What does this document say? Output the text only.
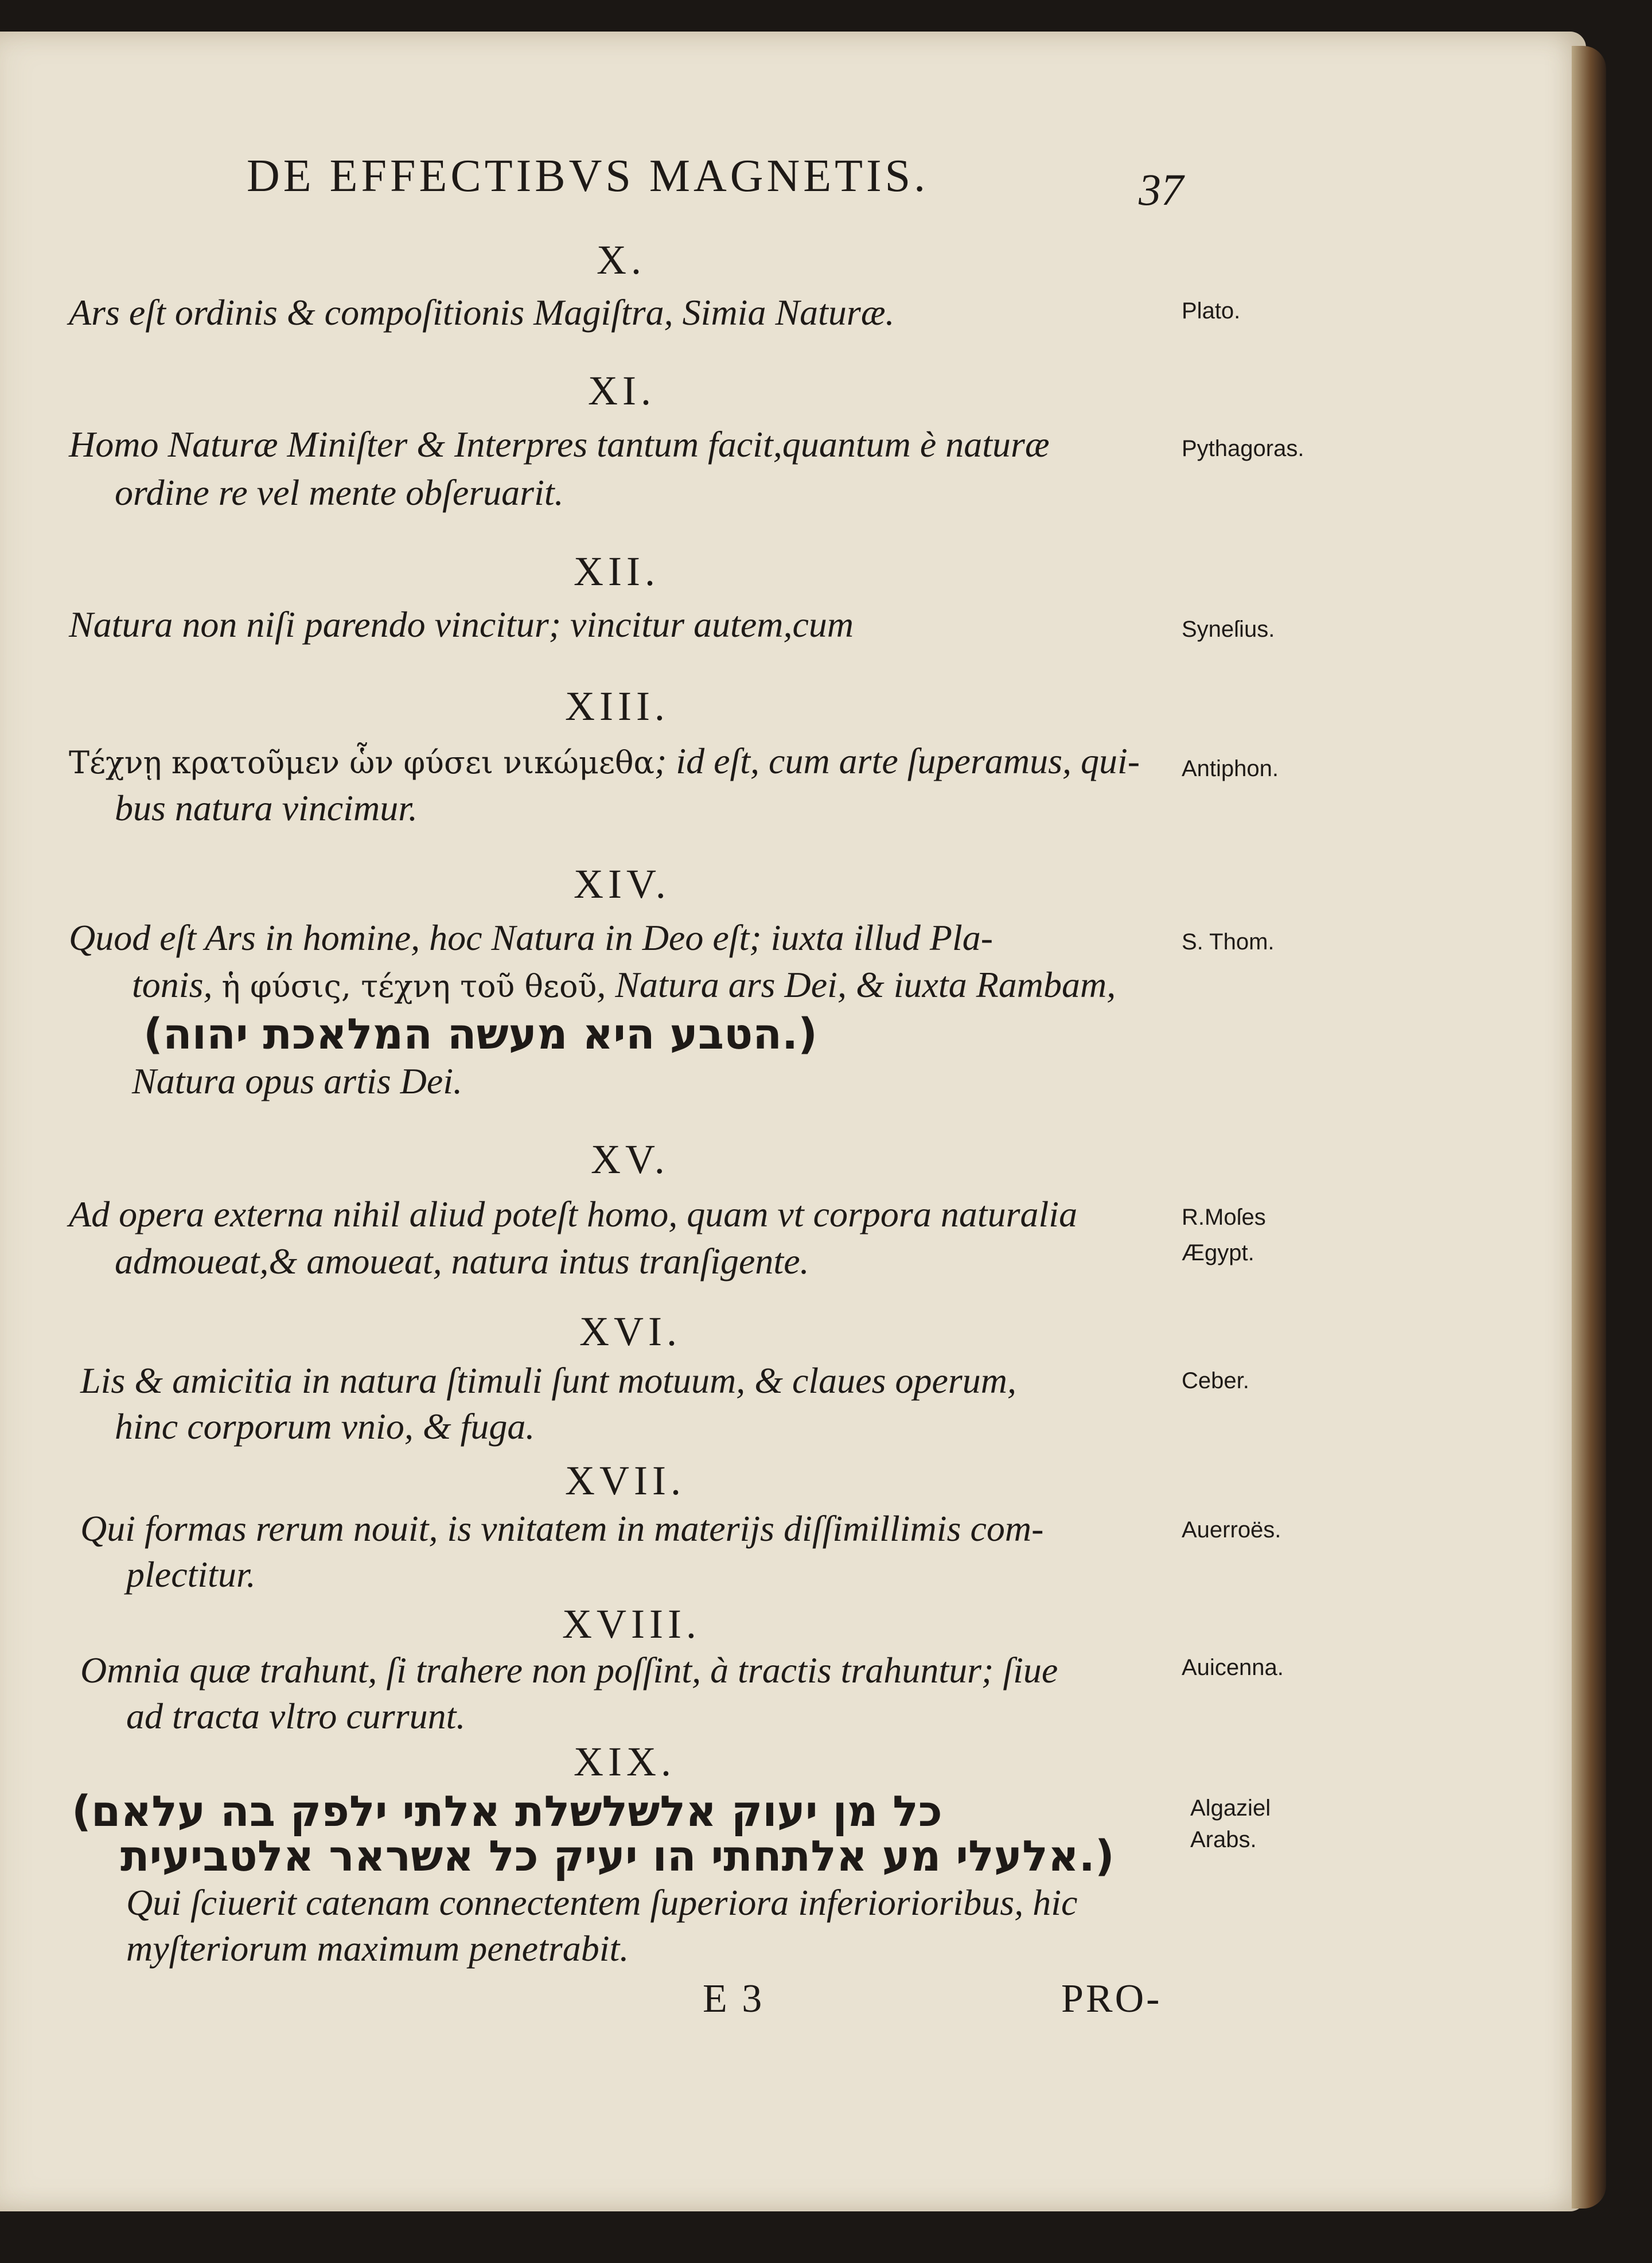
DE EFFECTIBVS MAGNETIS.	37
X.
Ars eſt ordinis & compoſitionis Magiſtra, Simia Naturæ.	Plato.
XI.
Homo Naturæ Miniſter & Interpres tantum facit,quantum è naturæ
ordine re vel mente obſeruarit.
Pythagoras.
XII.
Natura non niſi parendo vincitur; vincitur autem,cum	Syneſius.
XIII.
Τέχνῃ κρατοῦμεν ὧν φύσει νικώμεθα; id eſt, cum arte ſuperamus, qui-
bus natura vincimur.
Antiphon.
XIV.
Quod eſt Ars in homine, hoc Natura in Deo eſt; iuxta illud Pla-
tonis, ἡ φύσις, τέχνη τοῦ θεοῦ, Natura ars Dei, & iuxta Rambam,
(הטבע היא מעשה המלאכת יהוה.)
Natura opus artis Dei.
S. Thom.
XV.
Ad opera externa nihil aliud poteſt homo, quam vt corpora naturalia
admoueat,& amoueat, natura intus tranſigente.
R.Moſes
Ægypt.
XVI.
Lis & amicitia in natura ſtimuli ſunt motuum, & claues operum,
hinc corporum vnio, & fuga.
Ceber.
XVII.
Qui formas rerum nouit, is vnitatem in materijs diſſimillimis com-
plectitur.
Auerroës.
XVIII.
Omnia quæ trahunt, ſi trahere non poſſint, à tractis trahuntur; ſiue
ad tracta vltro currunt.
Auicenna.
XIX.
(כל מן יעוק אלשלשלת אלתי ילפק בה עלאם
אלעלי מע אלתחתי הו יעיק כל אשראר אלטביעית.)
Qui ſciuerit catenam connectentem ſuperiora inferiorioribus, hic
myſteriorum maximum penetrabit.
Algaziel
Arabs.
E 3	PRO-
